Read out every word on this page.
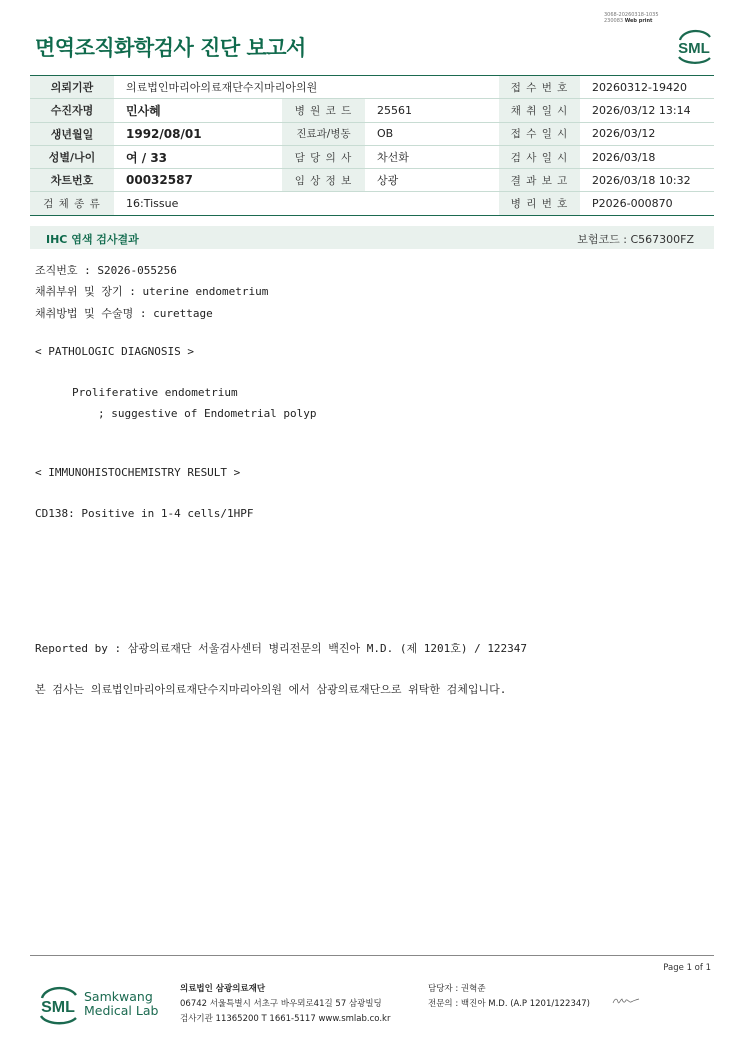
3068-20260318-1035
230083 Web print
면역조직화학검사 진단 보고서	SML
의뢰기관	의료법인마리아의료재단수지마리아의원			접 수 번 호	20260312-19420
수진자명	민사혜	병 원 코 드	25561	채 취 일 시	2026/03/12 13:14
생년월일	1992/08/01	진료과/병동	OB	접 수 일 시	2026/03/12
성별/나이	여 / 33	담 당 의 사	차선화	검 사 일 시	2026/03/18
차트번호	00032587	임 상 정 보	상광	결 과 보 고	2026/03/18 10:32
검 체 종 류	16:Tissue			병 리 번 호	P2026-000870
IHC 염색 검사결과	보험코드 : C567300FZ
조직번호 : S2026-055256
채취부위 및 장기 : uterine endometrium
채취방법 및 수술명 : curettage
< PATHOLOGIC DIAGNOSIS >
Proliferative endometrium
; suggestive of Endometrial polyp
< IMMUNOHISTOCHEMISTRY RESULT >
CD138: Positive in 1-4 cells/1HPF
Reported by : 삼광의료재단 서울검사센터 병리전문의 백진아 M.D. (제 1201호) / 122347
본 검사는 의료법인마리아의료재단수지마리아의원 에서 삼광의료재단으로 위탁한 검체입니다.
Page 1 of 1
SML
Samkwang
Medical Lab
의료법인 삼광의료재단
06742 서울특별시 서초구 바우뫼로41길 57 삼광빌딩
검사기관 11365200 T 1661-5117 www.smlab.co.kr
담당자 : 권혁준
전문의 : 백진아 M.D. (A.P 1201/122347)
